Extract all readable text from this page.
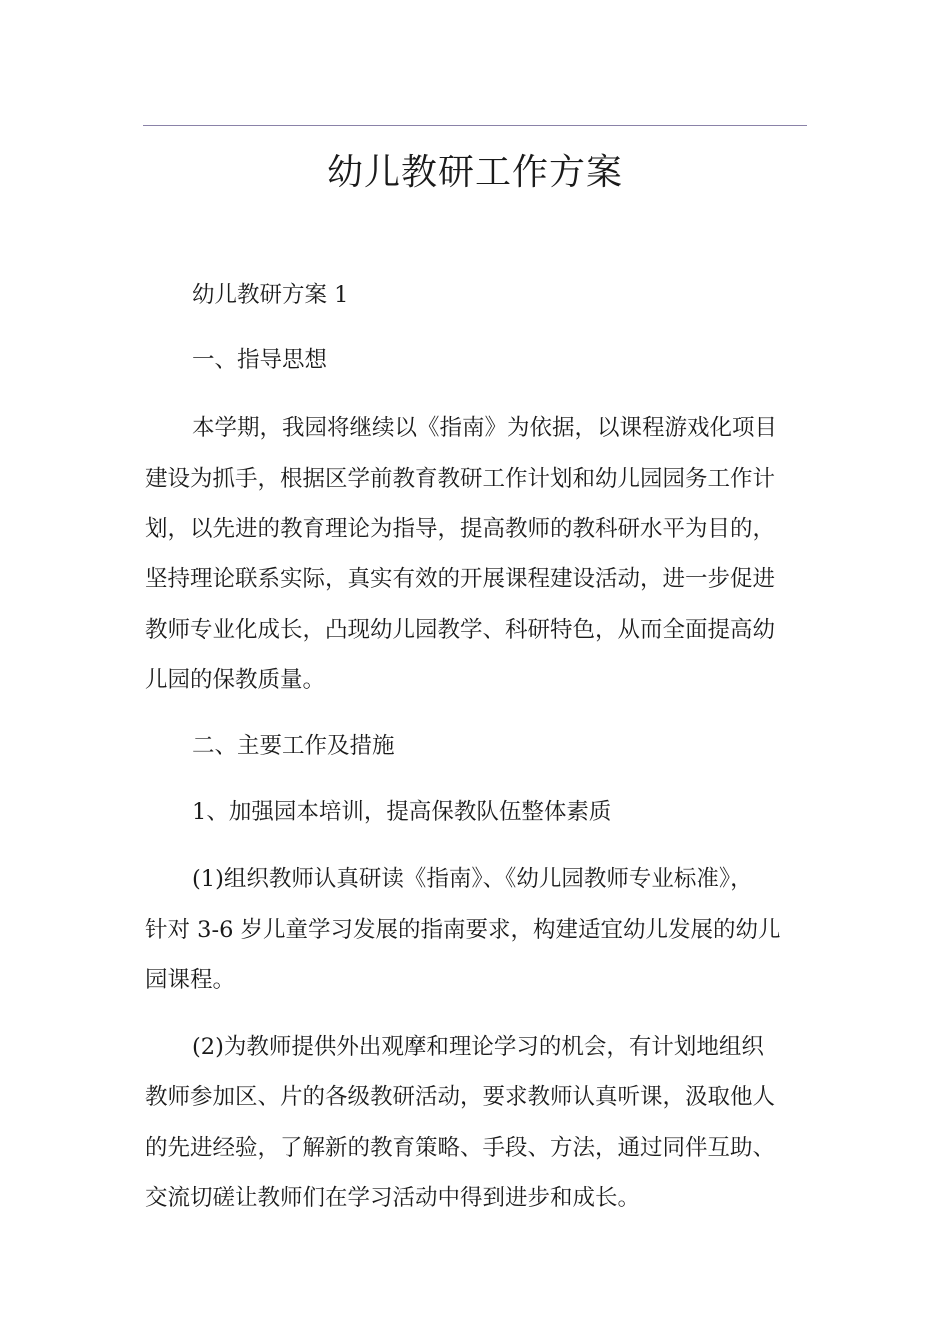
幼儿教研工作方案

幼儿教研方案 1

一、指导思想

本学期，我园将继续以《指南》为依据，以课程游戏化项目

建设为抓手，根据区学前教育教研工作计划和幼儿园园务工作计

划，以先进的教育理论为指导，提高教师的教科研水平为目的，

坚持理论联系实际，真实有效的开展课程建设活动，进一步促进

教师专业化成长，凸现幼儿园教学、科研特色，从而全面提高幼

儿园的保教质量。

二、主要工作及措施

1、加强园本培训，提高保教队伍整体素质

(1)组织教师认真研读《指南》、《幼儿园教师专业标准》，

针对 3-6 岁儿童学习发展的指南要求，构建适宜幼儿发展的幼儿

园课程。

(2)为教师提供外出观摩和理论学习的机会，有计划地组织

教师参加区、片的各级教研活动，要求教师认真听课，汲取他人

的先进经验，了解新的教育策略、手段、方法，通过同伴互助、

交流切磋让教师们在学习活动中得到进步和成长。
